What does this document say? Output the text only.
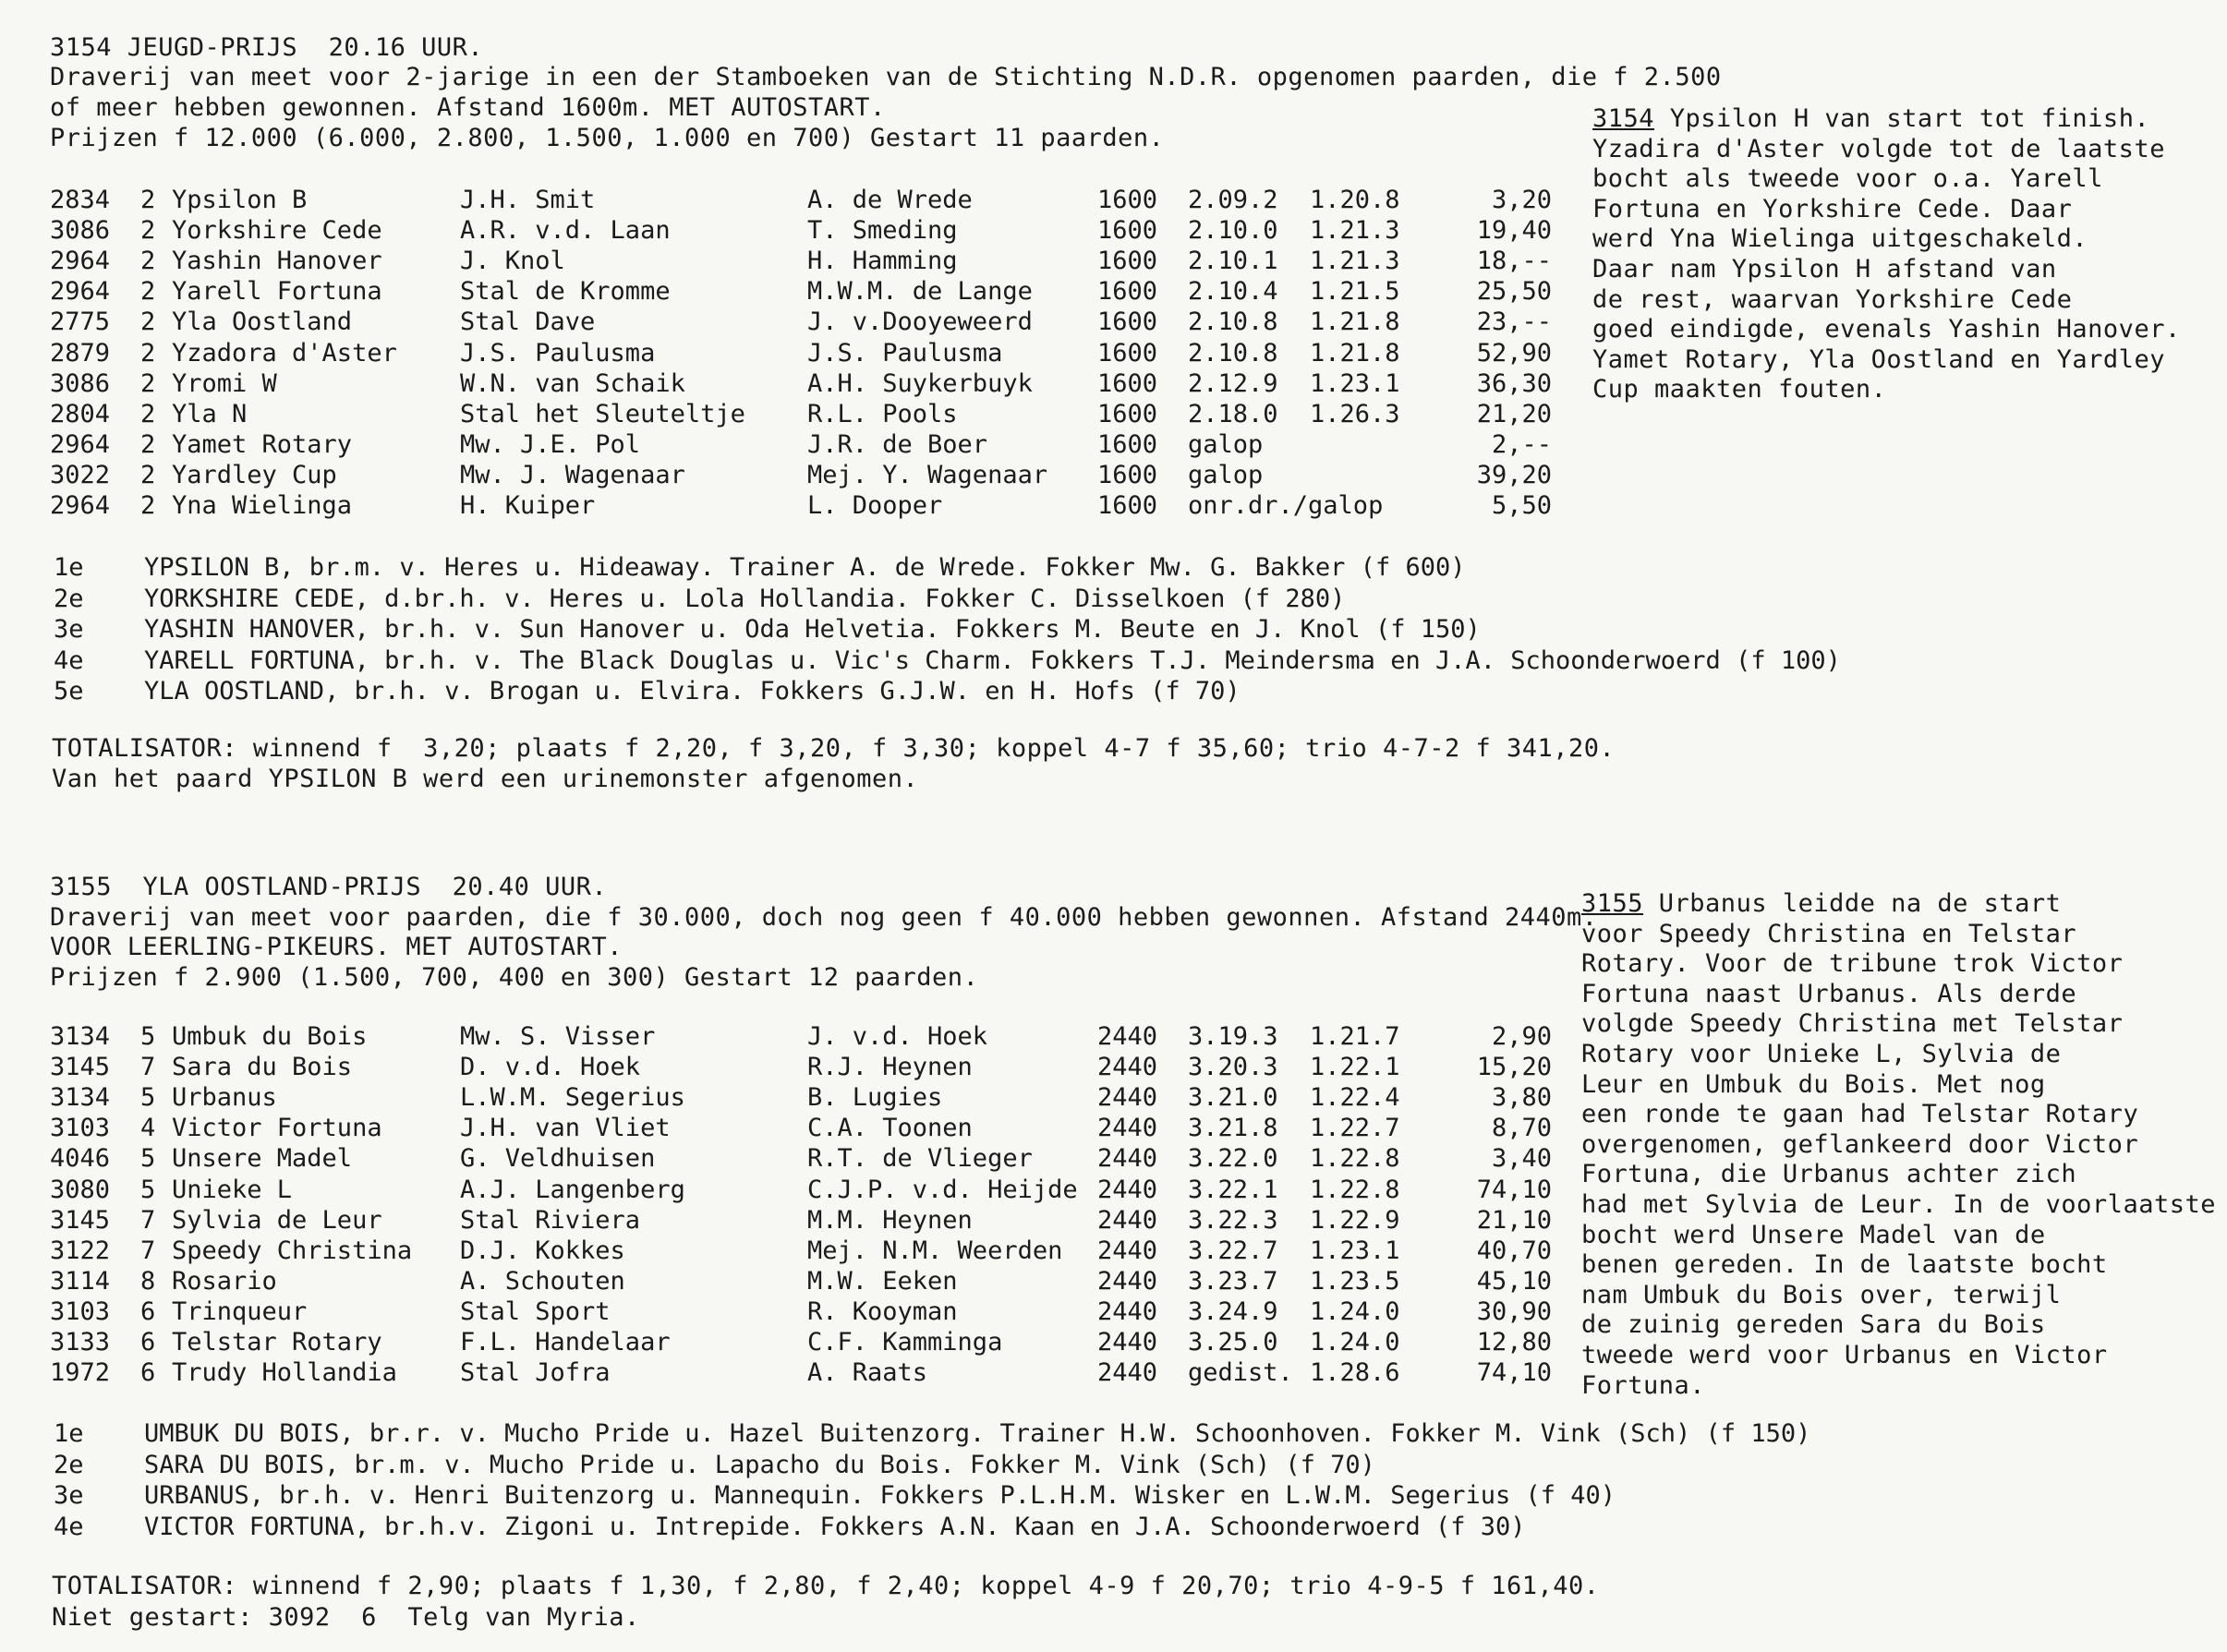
3154 JEUGD-PRIJS  20.16 UUR.
Draverij van meet voor 2-jarige in een der Stamboeken van de Stichting N.D.R. opgenomen paarden, die f 2.500
of meer hebben gewonnen. Afstand 1600m. MET AUTOSTART.
Prijzen f 12.000 (6.000, 2.800, 1.500, 1.000 en 700) Gestart 11 paarden.
2834 2 Ypsilon B	J.H. Smit	A. de Wrede	1600 2.09.2	1.20.8	3,20
3086 2 Yorkshire Cede	A.R. v.d. Laan	T. Smeding	1600 2.10.0	1.21.3	19,40
2964 2 Yashin Hanover	J. Knol	H. Hamming	1600 2.10.1	1.21.3	18,--
2964 2 Yarell Fortuna	Stal de Kromme	M.W.M. de Lange	1600 2.10.4	1.21.5	25,50
2775 2 Yla Oostland	Stal Dave	J. v.Dooyeweerd	1600 2.10.8	1.21.8	23,--
2879 2 Yzadora d'Aster	J.S. Paulusma	J.S. Paulusma	1600 2.10.8	1.21.8	52,90
3086 2 Yromi W	W.N. van Schaik	A.H. Suykerbuyk	1600 2.12.9	1.23.1	36,30
2804 2 Yla N	Stal het Sleuteltje	R.L. Pools	1600 2.18.0	1.26.3	21,20
2964 2 Yamet Rotary	Mw. J.E. Pol	J.R. de Boer	1600 galop	2,--
3022 2 Yardley Cup	Mw. J. Wagenaar	Mej. Y. Wagenaar	1600 galop	39,20
2964 2 Yna Wielinga	H. Kuiper	L. Dooper	1600 onr.dr./galop	5,50
1e YPSILON B, br.m. v. Heres u. Hideaway. Trainer A. de Wrede. Fokker Mw. G. Bakker (f 600)
2e YORKSHIRE CEDE, d.br.h. v. Heres u. Lola Hollandia. Fokker C. Disselkoen (f 280)
3e YASHIN HANOVER, br.h. v. Sun Hanover u. Oda Helvetia. Fokkers M. Beute en J. Knol (f 150)
4e YARELL FORTUNA, br.h. v. The Black Douglas u. Vic's Charm. Fokkers T.J. Meindersma en J.A. Schoonderwoerd (f 100)
5e YLA OOSTLAND, br.h. v. Brogan u. Elvira. Fokkers G.J.W. en H. Hofs (f 70)
TOTALISATOR: winnend f  3,20; plaats f 2,20, f 3,20, f 3,30; koppel 4-7 f 35,60; trio 4-7-2 f 341,20.
Van het paard YPSILON B werd een urinemonster afgenomen.
3154 Ypsilon H van start tot finish.
Yzadira d'Aster volgde tot de laatste
bocht als tweede voor o.a. Yarell
Fortuna en Yorkshire Cede. Daar
werd Yna Wielinga uitgeschakeld.
Daar nam Ypsilon H afstand van
de rest, waarvan Yorkshire Cede
goed eindigde, evenals Yashin Hanover.
Yamet Rotary, Yla Oostland en Yardley
Cup maakten fouten.
3155  YLA OOSTLAND-PRIJS  20.40 UUR.
Draverij van meet voor paarden, die f 30.000, doch nog geen f 40.000 hebben gewonnen. Afstand 2440m.
VOOR LEERLING-PIKEURS. MET AUTOSTART.
Prijzen f 2.900 (1.500, 700, 400 en 300) Gestart 12 paarden.
3134 5 Umbuk du Bois	Mw. S. Visser	J. v.d. Hoek	2440 3.19.3	1.21.7	2,90
3145 7 Sara du Bois	D. v.d. Hoek	R.J. Heynen	2440 3.20.3	1.22.1	15,20
3134 5 Urbanus	L.W.M. Segerius	B. Lugies	2440 3.21.0	1.22.4	3,80
3103 4 Victor Fortuna	J.H. van Vliet	C.A. Toonen	2440 3.21.8	1.22.7	8,70
4046 5 Unsere Madel	G. Veldhuisen	R.T. de Vlieger	2440 3.22.0	1.22.8	3,40
3080 5 Unieke L	A.J. Langenberg	C.J.P. v.d. Heijde 2440 3.22.1	1.22.8	74,10
3145 7 Sylvia de Leur	Stal Riviera	M.M. Heynen	2440 3.22.3	1.22.9	21,10
3122 7 Speedy Christina	D.J. Kokkes	Mej. N.M. Weerden	2440 3.22.7	1.23.1	40,70
3114 8 Rosario	A. Schouten	M.W. Eeken	2440 3.23.7	1.23.5	45,10
3103 6 Trinqueur	Stal Sport	R. Kooyman	2440 3.24.9	1.24.0	30,90
3133 6 Telstar Rotary	F.L. Handelaar	C.F. Kamminga	2440 3.25.0	1.24.0	12,80
1972 6 Trudy Hollandia	Stal Jofra	A. Raats	2440 gedist. 1.28.6	74,10
1e UMBUK DU BOIS, br.r. v. Mucho Pride u. Hazel Buitenzorg. Trainer H.W. Schoonhoven. Fokker M. Vink (Sch) (f 150)
2e SARA DU BOIS, br.m. v. Mucho Pride u. Lapacho du Bois. Fokker M. Vink (Sch) (f 70)
3e URBANUS, br.h. v. Henri Buitenzorg u. Mannequin. Fokkers P.L.H.M. Wisker en L.W.M. Segerius (f 40)
4e VICTOR FORTUNA, br.h.v. Zigoni u. Intrepide. Fokkers A.N. Kaan en J.A. Schoonderwoerd (f 30)
TOTALISATOR: winnend f 2,90; plaats f 1,30, f 2,80, f 2,40; koppel 4-9 f 20,70; trio 4-9-5 f 161,40.
Niet gestart: 3092  6  Telg van Myria.
3155 Urbanus leidde na de start
voor Speedy Christina en Telstar
Rotary. Voor de tribune trok Victor
Fortuna naast Urbanus. Als derde
volgde Speedy Christina met Telstar
Rotary voor Unieke L, Sylvia de
Leur en Umbuk du Bois. Met nog
een ronde te gaan had Telstar Rotary
overgenomen, geflankeerd door Victor
Fortuna, die Urbanus achter zich
had met Sylvia de Leur. In de voorlaatste
bocht werd Unsere Madel van de
benen gereden. In de laatste bocht
nam Umbuk du Bois over, terwijl
de zuinig gereden Sara du Bois
tweede werd voor Urbanus en Victor
Fortuna.
